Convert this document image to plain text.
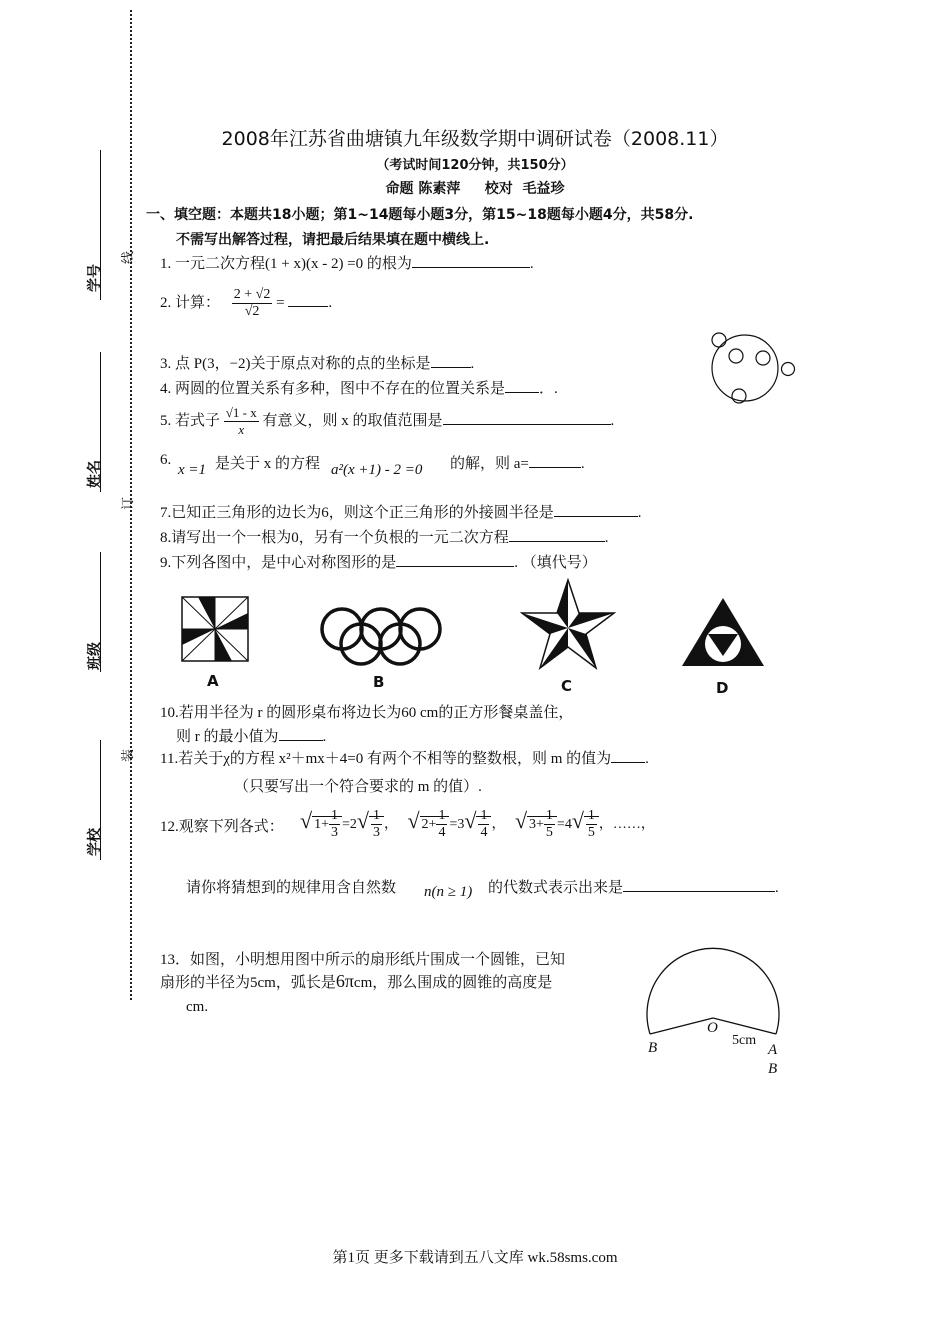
学号
姓名
班级
学校
线
订
装
2008年江苏省曲塘镇九年级数学期中调研试卷（2008.11）
（考试时间120分钟，共150分）
命题 陈素萍     校对  毛益珍
一、填空题：本题共18小题；第1~14题每小题3分，第15~18题每小题4分，共58分.
不需写出解答过程，请把最后结果填在题中横线上.
1. 一元二次方程(1 + x)(x - 2) =0 的根为	.
2. 计算： $\frac{2 + √2}{√2}$ =	.
3. 点 P(3，−2)关于原点对称的点的坐标是	.
4. 两圆的位置关系有多种，图中不存在的位置关系是 ．.
5. 若式子 $\frac{√1 - x}{x}$ 有意义，则 x 的取值范围是	.
6.
x =1 是关于 x 的方程 a²(x +1) - 2 =0 的解，则 a=	.
7.已知正三角形的边长为6，则这个正三角形的外接圆半径是	.
8.请写出一个一根为0，另有一个负根的一元二次方程	.
9.下列各图中，是中心对称图形的是	. （填代号）
A	B	C	D
10.若用半径为 r 的圆形桌布将边长为60 cm的正方形餐桌盖住，
则 r 的最小值为	.
11.若关于χ的方程 x²＋mx＋4=0 有两个不相等的整数根，则 m 的值为 .
（只要写出一个符合要求的 m 的值）.
12.观察下列各式： √ $1+ \frac{1}{3} =2√ \frac{1}{3}$ ， √ $2+ \frac{1}{4} =3√ \frac{1}{4}$ ， √ $3+ \frac{1}{5} =4√ \frac{1}{5}$ ，……，
请你将猜想到的规律用含自然数 n(n ≥ 1) 的代数式表示出来是	.
13．如图，小明想用图中所示的扇形纸片围成一个圆锥，已知
扇形的半径为5cm，弧长是6πcm，那么围成的圆锥的高度是
cm.
O
5cm
B	A
B
第1页 更多下载请到五八文库 wk.58sms.com
